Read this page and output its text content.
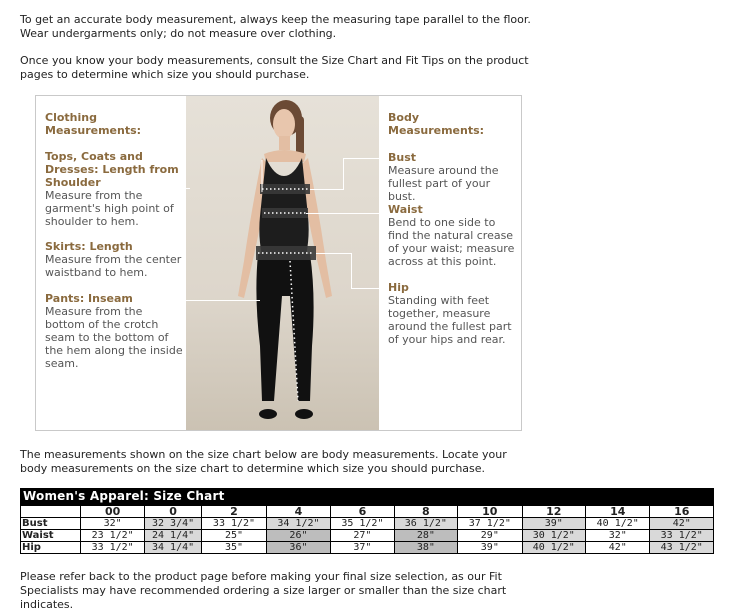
To get an accurate body measurement, always keep the measuring tape parallel to the floor. Wear undergarments only; do not measure over clothing.

Once you know your body measurements, consult the Size Chart and Fit Tips on the product pages to determine which size you should purchase.

Clothing Measurements:

Tops, Coats and Dresses: Length from Shoulder

Measure from the garment's high point of shoulder to hem.

Skirts: Length

Measure from the center waistband to hem.

Pants: Inseam

Measure from the bottom of the crotch seam to the bottom of the hem along the inside seam.

Body Measurements:

Bust

Measure around the fullest part of your bust.

Waist

Bend to one side to find the natural crease of your waist; measure across at this point.

Hip

Standing with feet together, measure around the fullest part of your hips and rear.

The measurements shown on the size chart below are body measurements. Locate your body measurements on the size chart to determine which size you should purchase.

Women's Apparel: Size Chart
	00	0	2	4	6	8	10	12	14	16
Bust	32"	32 3/4"	33 1/2"	34 1/2"	35 1/2"	36 1/2"	37 1/2"	39"	40 1/2"	42"
Waist	23 1/2"	24 1/4"	25"	26"	27"	28"	29"	30 1/2"	32"	33 1/2"
Hip	33 1/2"	34 1/4"	35"	36"	37"	38"	39"	40 1/2"	42"	43 1/2"

Please refer back to the product page before making your final size selection, as our Fit Specialists may have recommended ordering a size larger or smaller than the size chart indicates.
